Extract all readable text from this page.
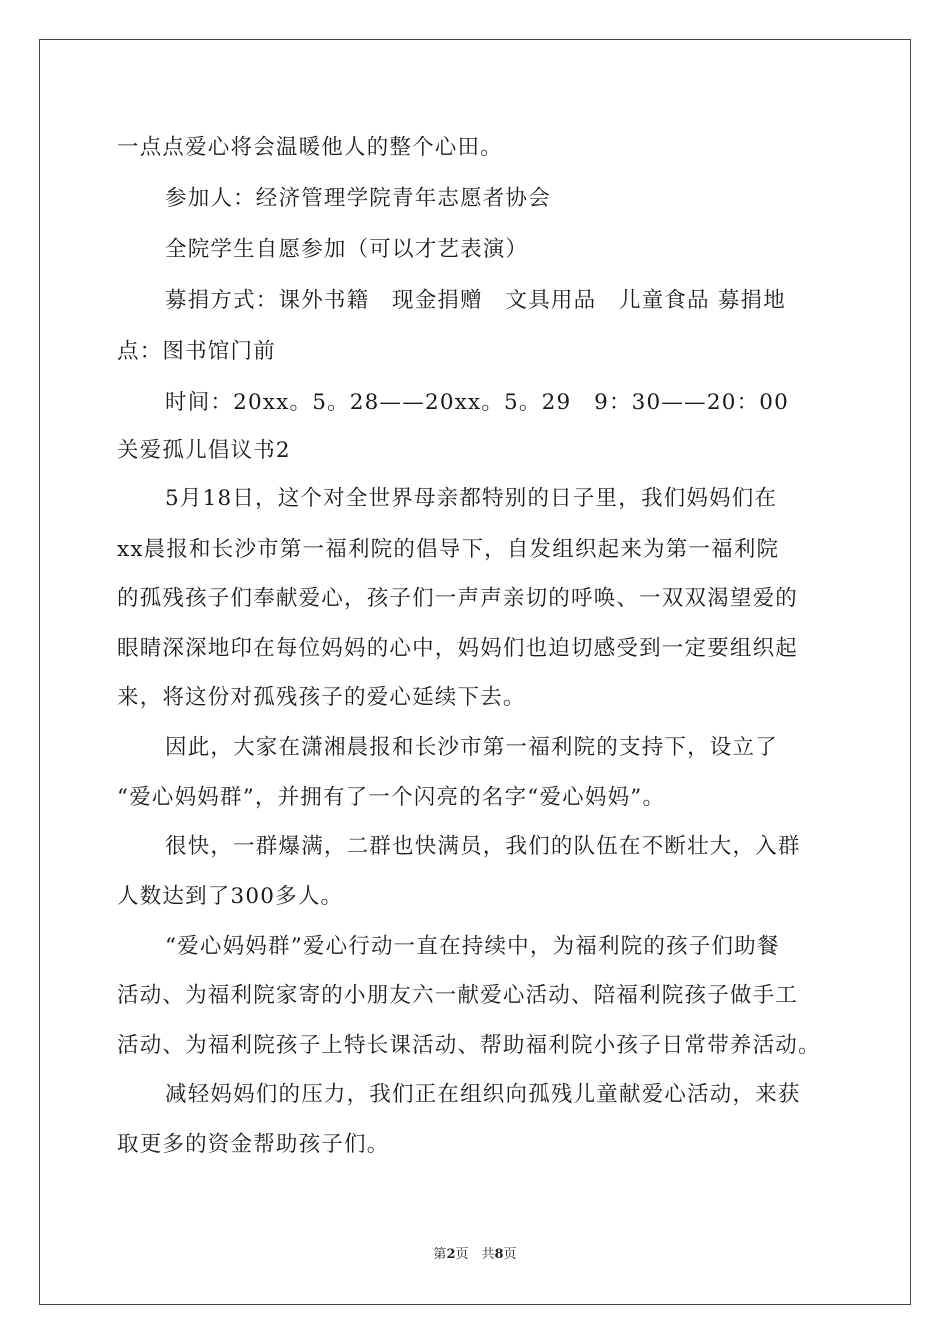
一点点爱心将会温暖他人的整个心田。
参加人：经济管理学院青年志愿者协会
全院学生自愿参加（可以才艺表演）
募捐方式：课外书籍　现金捐赠　文具用品　儿童食品 募捐地
点：图书馆门前
时间：20xx。5。28——20xx。5。29　9：30——20：00
关爱孤儿倡议书2
5月18日，这个对全世界母亲都特别的日子里，我们妈妈们在
xx晨报和长沙市第一福利院的倡导下，自发组织起来为第一福利院
的孤残孩子们奉献爱心，孩子们一声声亲切的呼唤、一双双渴望爱的
眼睛深深地印在每位妈妈的心中，妈妈们也迫切感受到一定要组织起
来，将这份对孤残孩子的爱心延续下去。
因此，大家在潇湘晨报和长沙市第一福利院的支持下，设立了
“爱心妈妈群”，并拥有了一个闪亮的名字“爱心妈妈”。
很快，一群爆满，二群也快满员，我们的队伍在不断壮大，入群
人数达到了300多人。
“爱心妈妈群”爱心行动一直在持续中，为福利院的孩子们助餐
活动、为福利院家寄的小朋友六一献爱心活动、陪福利院孩子做手工
活动、为福利院孩子上特长课活动、帮助福利院小孩子日常带养活动。
减轻妈妈们的压力，我们正在组织向孤残儿童献爱心活动，来获
取更多的资金帮助孩子们。
第2页　共8页
